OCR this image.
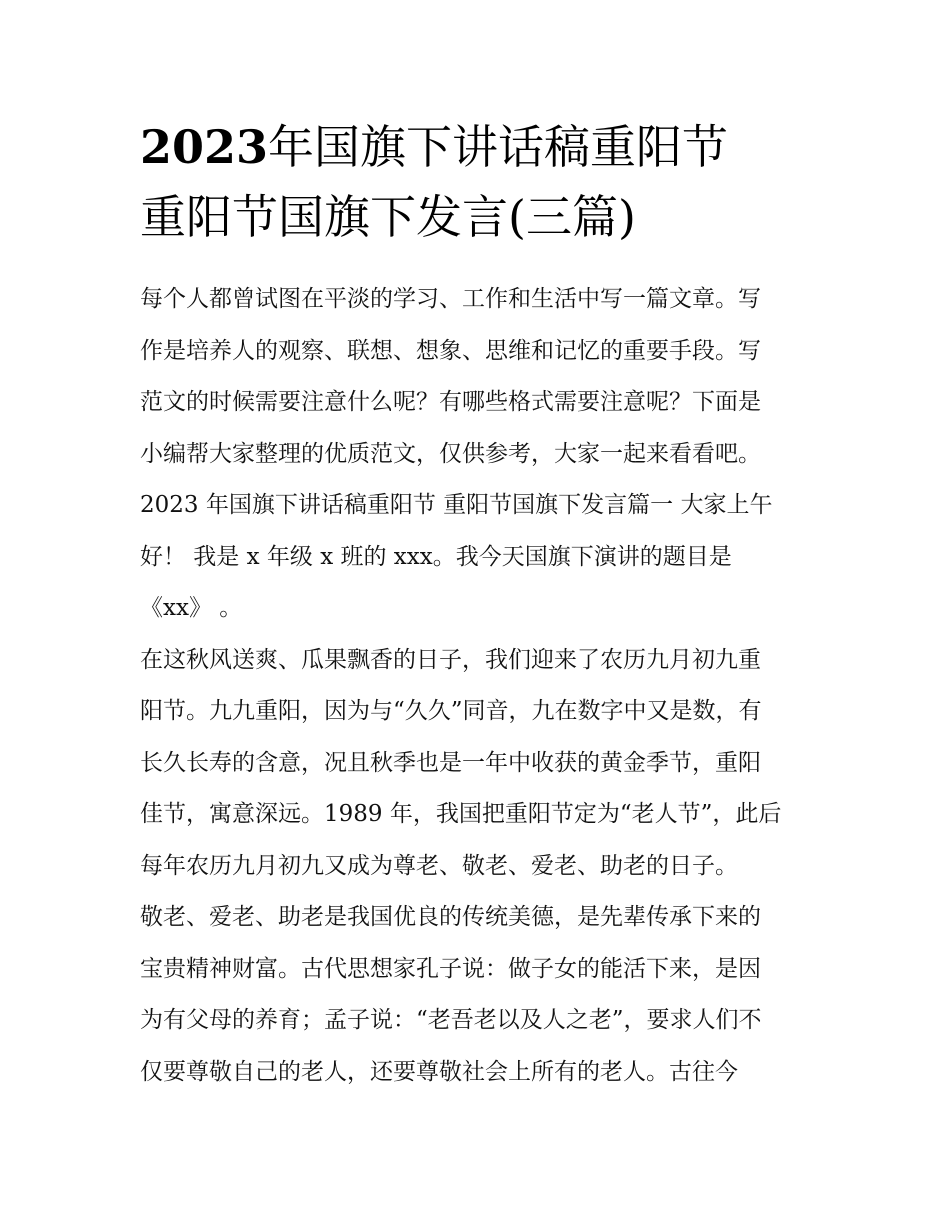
2023年国旗下讲话稿重阳节
重阳节国旗下发言(三篇)
每个人都曾试图在平淡的学习、工作和生活中写一篇文章。写
作是培养人的观察、联想、想象、思维和记忆的重要手段。写
范文的时候需要注意什么呢？有哪些格式需要注意呢？下面是
小编帮大家整理的优质范文，仅供参考，大家一起来看看吧。
2023 年国旗下讲话稿重阳节 重阳节国旗下发言篇一 大家上午
好！ 我是 x 年级 x 班的 xxx。我今天国旗下演讲的题目是
《xx》 。
在这秋风送爽、瓜果飘香的日子，我们迎来了农历九月初九重
阳节。九九重阳，因为与“久久”同音，九在数字中又是数，有
长久长寿的含意，况且秋季也是一年中收获的黄金季节，重阳
佳节，寓意深远。1989 年，我国把重阳节定为“老人节”，此后
每年农历九月初九又成为尊老、敬老、爱老、助老的日子。
敬老、爱老、助老是我国优良的传统美德，是先辈传承下来的
宝贵精神财富。古代思想家孔子说：做子女的能活下来，是因
为有父母的养育；孟子说：“老吾老以及人之老”，要求人们不
仅要尊敬自己的老人，还要尊敬社会上所有的老人。古往今
